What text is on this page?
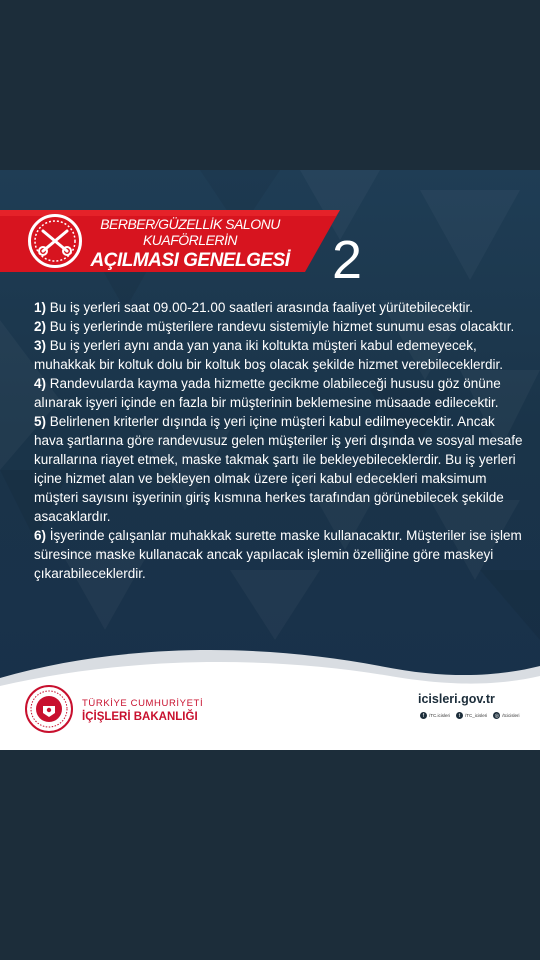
BERBER/GÜZELLİK SALONU
KUAFÖRLERİN
AÇILMASI GENELGESİ 2
1) Bu iş yerleri saat 09.00-21.00 saatleri arasında faaliyet yürütebilecektir.
2) Bu iş yerlerinde müşterilere randevu sistemiyle hizmet sunumu esas olacaktır.
3) Bu iş yerleri aynı anda yan yana iki koltukta müşteri kabul edemeyecek, muhakkak bir koltuk dolu bir koltuk boş olacak şekilde hizmet verebileceklerdir.
4) Randevularda kayma yada hizmette gecikme olabileceği hususu göz önüne alınarak işyeri içinde en fazla bir müşterinin beklemesine müsaade edilecektir.
5) Belirlenen kriterler dışında iş yeri içine müşteri kabul edilmeyecektir. Ancak hava şartlarına göre randevusuz gelen müşteriler iş yeri dışında ve sosyal mesafe kurallarına riayet etmek, maske takmak şartı ile bekleyebileceklerdir. Bu iş yerleri içine hizmet alan ve bekleyen olmak üzere içeri kabul edecekleri maksimum müşteri sayısını işyerinin giriş kısmına herkes tarafından görünebilecek şekilde asacaklardır.
6) İşyerinde çalışanlar muhakkak surette maske kullanacaktır. Müşteriler ise işlem süresince maske kullanacak ancak yapılacak işlemin özelliğine göre maskeyi çıkarabileceklerdir.
TÜRKİYE CUMHURİYETİ
İÇİŞLERİ BAKANLIĞI
icisleri.gov.tr
f	/TC.icisleri	t	/TC_icisleri ◎ /tcicisleri
